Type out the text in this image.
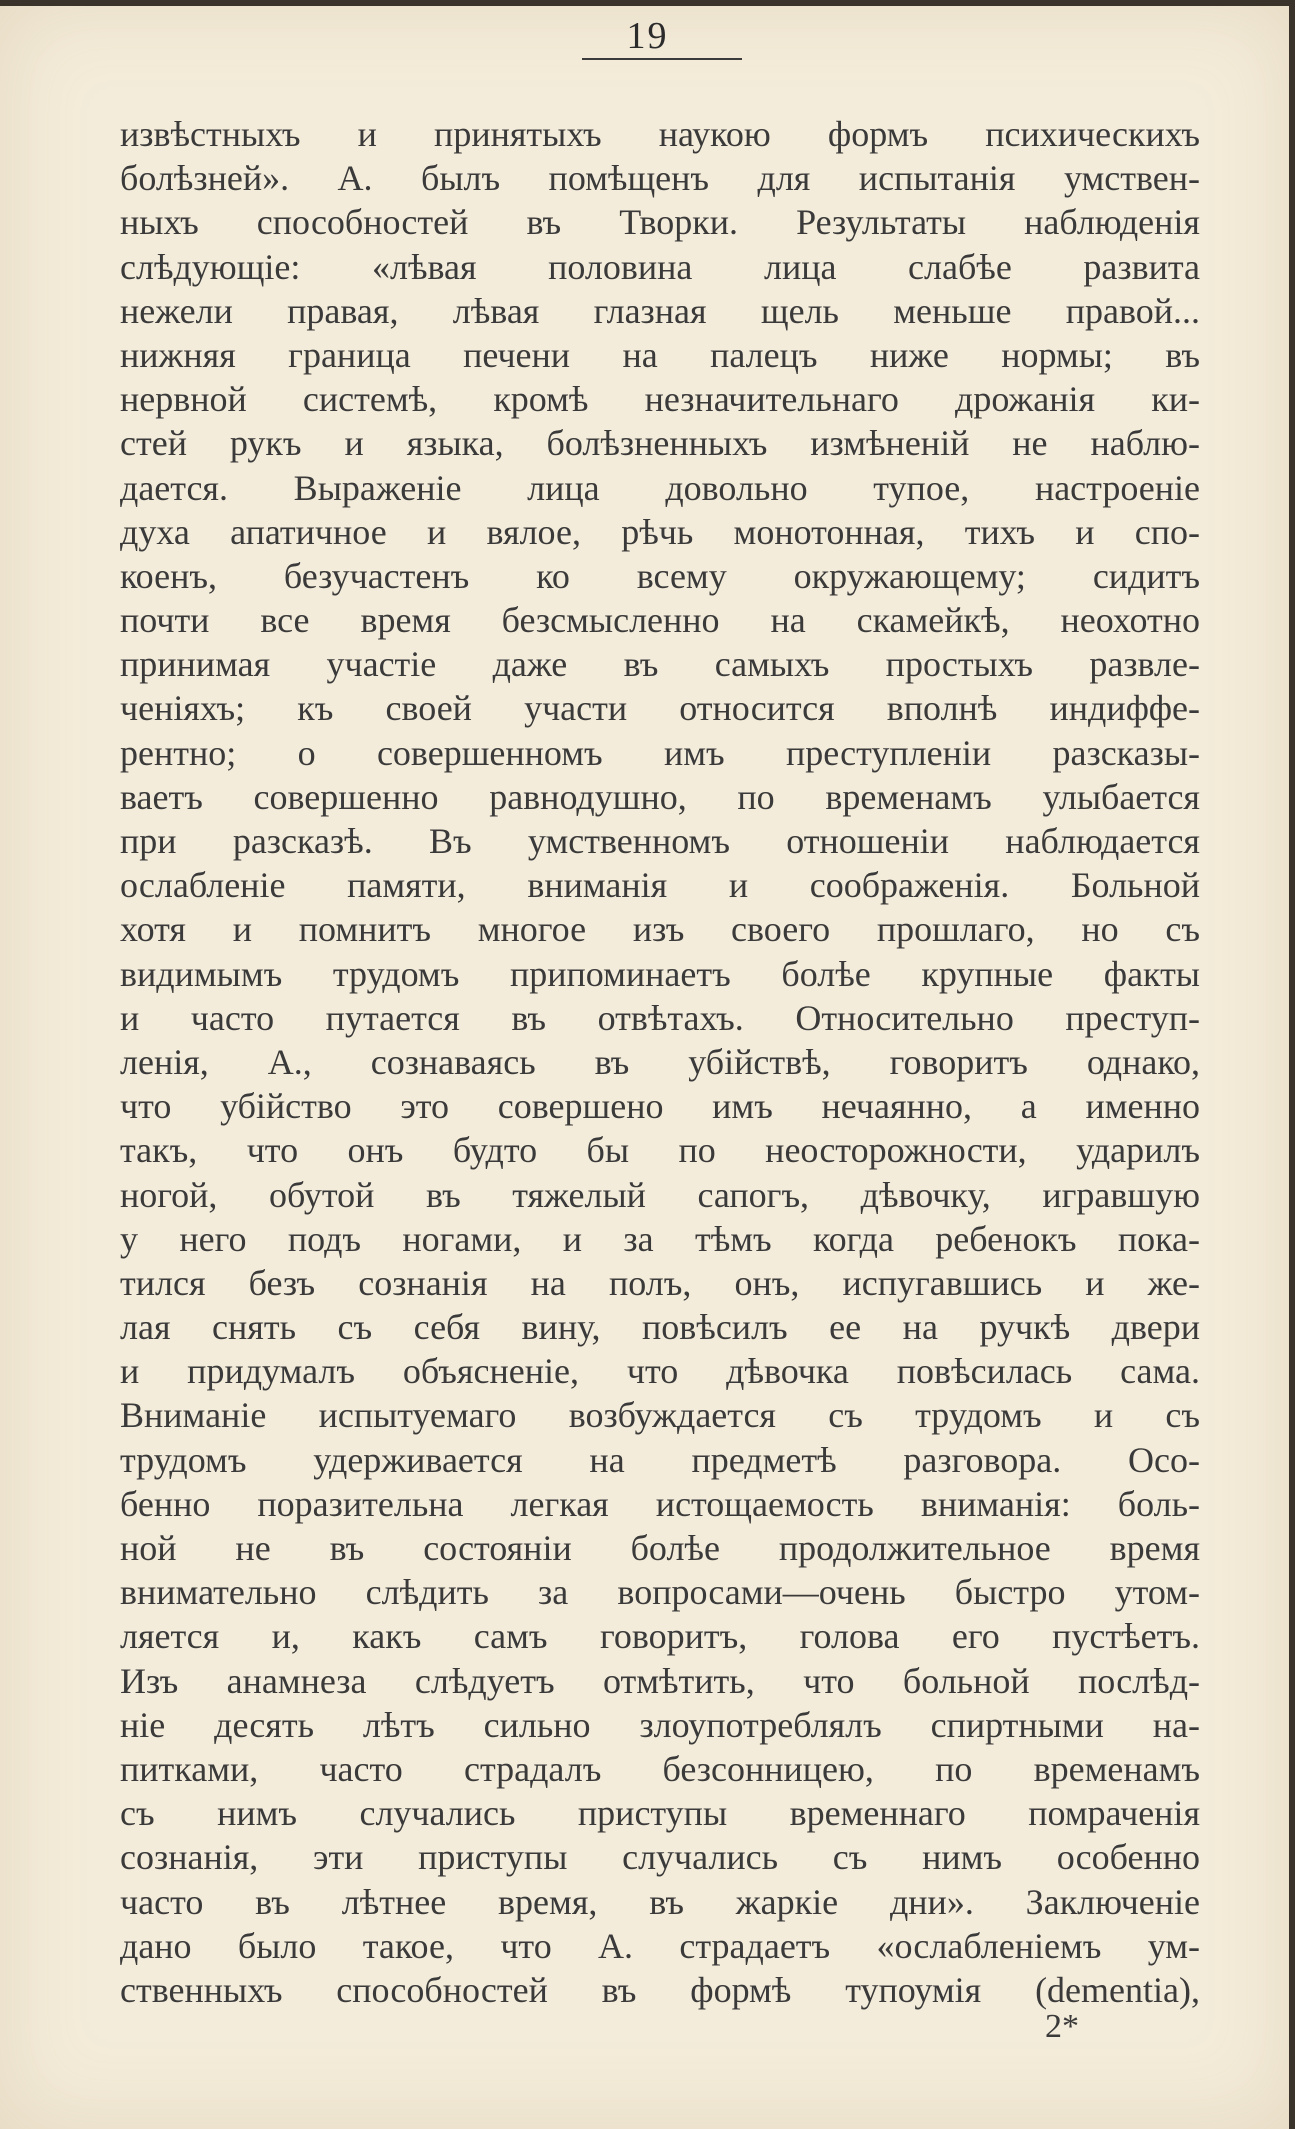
19
извѣстныхъ и принятыхъ наукою формъ психическихъ
болѣзней». А. былъ помѣщенъ для испытанія умствен-
ныхъ способностей въ Творки. Результаты наблюденія
слѣдующіе: «лѣвая половина лица слабѣе развита
нежели правая, лѣвая глазная щель меньше правой...
нижняя граница печени на палецъ ниже нормы; въ
нервной системѣ, кромѣ незначительнаго дрожанія ки-
стей рукъ и языка, болѣзненныхъ измѣненій не наблю-
дается. Выраженіе лица довольно тупое, настроеніе
духа апатичное и вялое, рѣчь монотонная, тихъ и спо-
коенъ, безучастенъ ко всему окружающему; сидитъ
почти все время безсмысленно на скамейкѣ, неохотно
принимая участіе даже въ самыхъ простыхъ развле-
ченіяхъ; къ своей участи относится вполнѣ индиффе-
рентно; о совершенномъ имъ преступленіи разсказы-
ваетъ совершенно равнодушно, по временамъ улыбается
при разсказѣ. Въ умственномъ отношеніи наблюдается
ослабленіе памяти, вниманія и соображенія. Больной
хотя и помнитъ многое изъ своего прошлаго, но съ
видимымъ трудомъ припоминаетъ болѣе крупные факты
и часто путается въ отвѣтахъ. Относительно преступ-
ленія, А., сознаваясь въ убійствѣ, говоритъ однако,
что убійство это совершено имъ нечаянно, а именно
такъ, что онъ будто бы по неосторожности, ударилъ
ногой, обутой въ тяжелый сапогъ, дѣвочку, игравшую
у него подъ ногами, и за тѣмъ когда ребенокъ пока-
тился безъ сознанія на полъ, онъ, испугавшись и же-
лая снять съ себя вину, повѣсилъ ее на ручкѣ двери
и придумалъ объясненіе, что дѣвочка повѣсилась сама.
Вниманіе испытуемаго возбуждается съ трудомъ и съ
трудомъ удерживается на предметѣ разговора. Осо-
бенно поразительна легкая истощаемость вниманія: боль-
ной не въ состояніи болѣе продолжительное время
внимательно слѣдить за вопросами—очень быстро утом-
ляется и, какъ самъ говоритъ, голова его пустѣетъ.
Изъ анамнеза слѣдуетъ отмѣтить, что больной послѣд-
ніе десять лѣтъ сильно злоупотреблялъ спиртными на-
питками, часто страдалъ безсонницею, по временамъ
съ нимъ случались приступы временнаго помраченія
сознанія, эти приступы случались съ нимъ особенно
часто въ лѣтнее время, въ жаркіе дни». Заключеніе
дано было такое, что А. страдаетъ «ослабленіемъ ум-
ственныхъ способностей въ формѣ тупоумія (dementia),
2*
